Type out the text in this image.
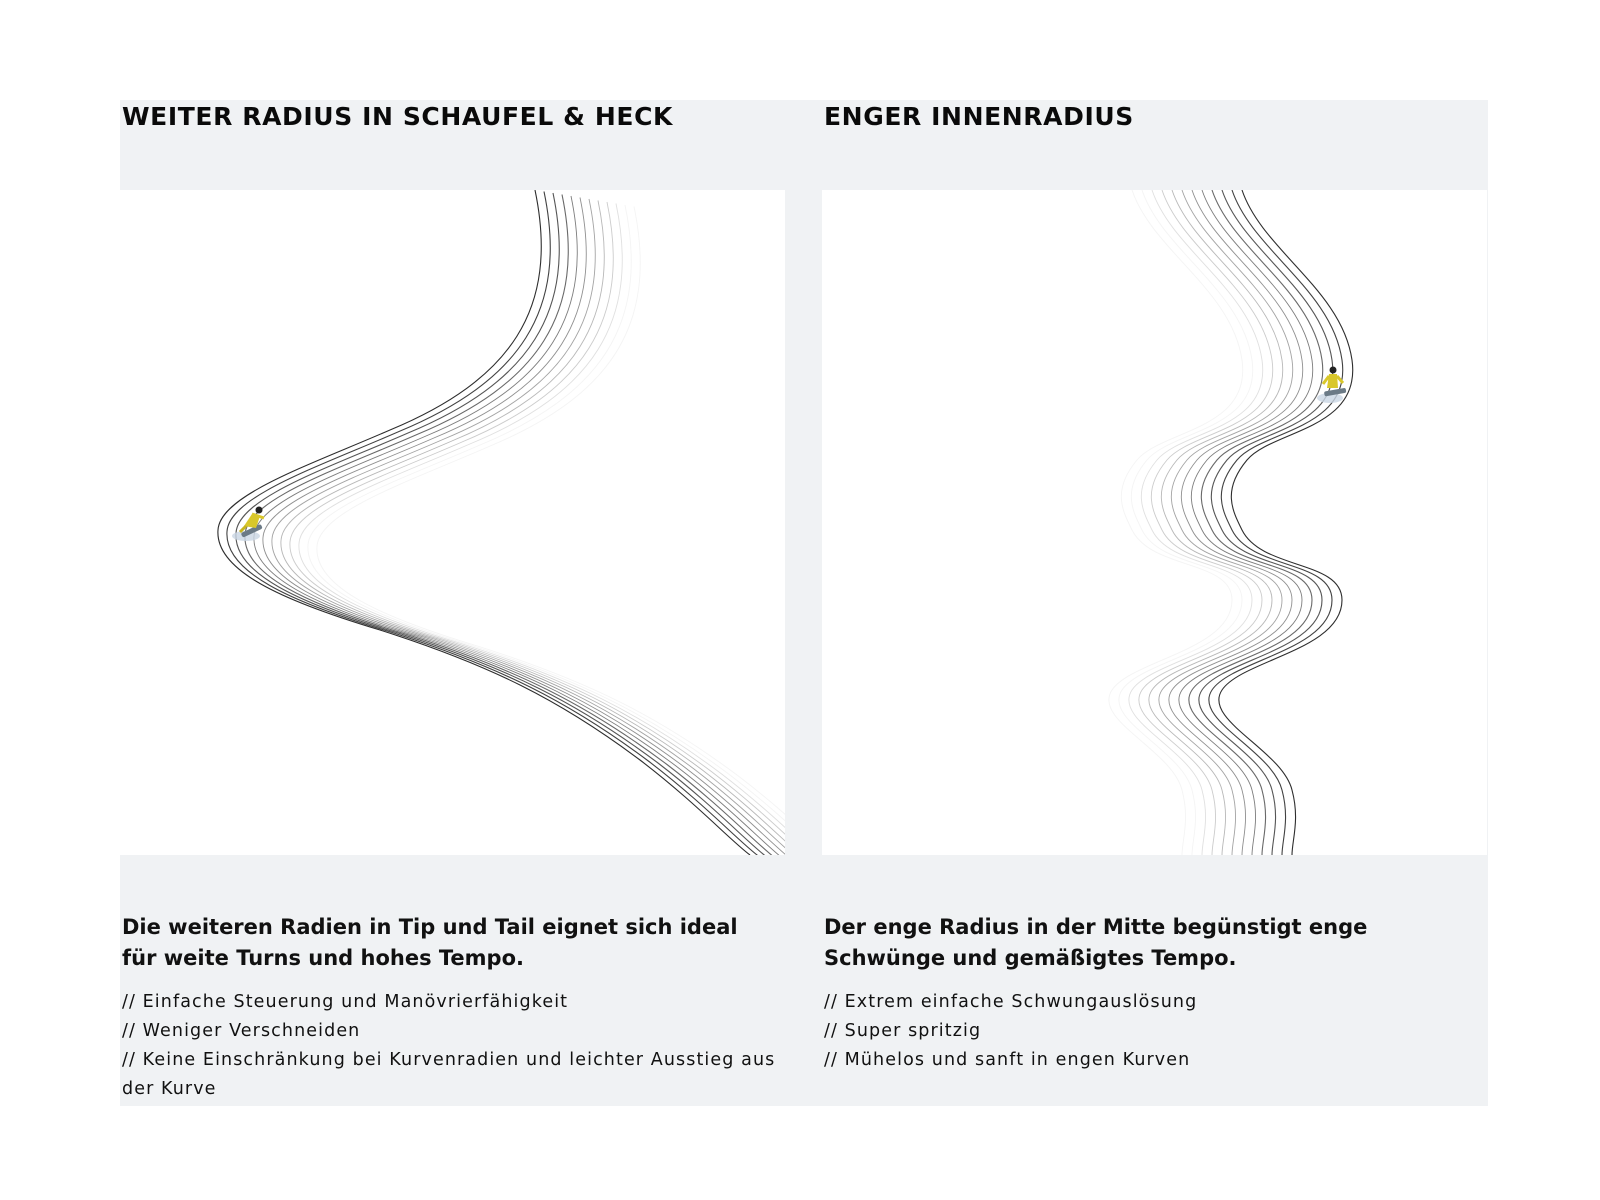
WEITER RADIUS IN SCHAUFEL & HECK

Die weiteren Radien in Tip und Tail eignet sich ideal für weite Turns und hohes Tempo.

// Einfache Steuerung und Manövrierfähigkeit
// Weniger Verschneiden
// Keine Einschränkung bei Kurvenradien und leichter Ausstieg aus der Kurve
ENGER INNENRADIUS

Der enge Radius in der Mitte begünstigt enge Schwünge und gemäßigtes Tempo.

// Extrem einfache Schwungauslösung
// Super spritzig
// Mühelos und sanft in engen Kurven
